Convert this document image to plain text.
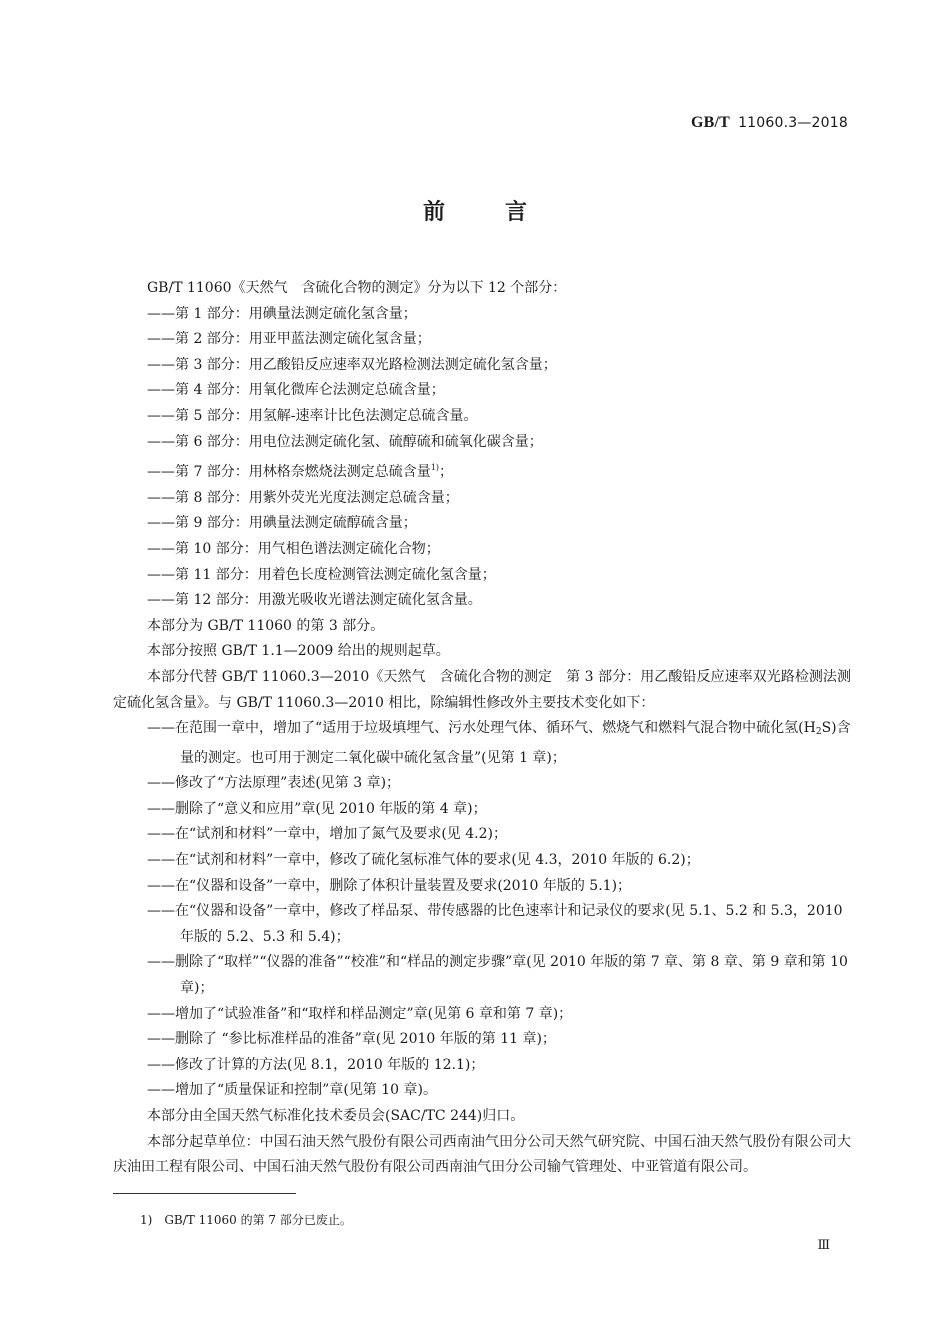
GB/T 11060.3—2018
前	言
GB/T 11060《天然气　含硫化合物的测定》分为以下 12 个部分：
——第 1 部分：用碘量法测定硫化氢含量；
——第 2 部分：用亚甲蓝法测定硫化氢含量；
——第 3 部分：用乙酸铅反应速率双光路检测法测定硫化氢含量；
——第 4 部分：用氧化微库仑法测定总硫含量；
——第 5 部分：用氢解-速率计比色法测定总硫含量。
——第 6 部分：用电位法测定硫化氢、硫醇硫和硫氧化碳含量；
——第 7 部分：用林格奈燃烧法测定总硫含量$^{1)}$；
——第 8 部分：用紫外荧光光度法测定总硫含量；
——第 9 部分：用碘量法测定硫醇硫含量；
——第 10 部分：用气相色谱法测定硫化合物；
——第 11 部分：用着色长度检测管法测定硫化氢含量；
——第 12 部分：用激光吸收光谱法测定硫化氢含量。
本部分为 GB/T 11060 的第 3 部分。
本部分按照 GB/T 1.1—2009 给出的规则起草。
本部分代替 GB/T 11060.3—2010《天然气　含硫化合物的测定　第 3 部分：用乙酸铅反应速率双光路检测法测定硫化氢含量》。与 GB/T 11060.3—2010 相比，除编辑性修改外主要技术变化如下：
——在范围一章中，增加了“适用于垃圾填埋气、污水处理气体、循环气、燃烧气和燃料气混合物中硫化氢$(H_2S)$含量的测定。也可用于测定二氧化碳中硫化氢含量”(见第 1 章)；
——修改了“方法原理”表述(见第 3 章)；
——删除了“意义和应用”章(见 2010 年版的第 4 章)；
——在“试剂和材料”一章中，增加了氮气及要求(见 4.2)；
——在“试剂和材料”一章中，修改了硫化氢标准气体的要求(见 4.3，2010 年版的 6.2)；
——在“仪器和设备”一章中，删除了体积计量装置及要求(2010 年版的 5.1)；
——在“仪器和设备”一章中，修改了样品泵、带传感器的比色速率计和记录仪的要求(见 5.1、5.2 和 5.3，2010 年版的 5.2、5.3 和 5.4)；
——删除了“取样”“仪器的准备”“校准”和“样品的测定步骤”章(见 2010 年版的第 7 章、第 8 章、第 9 章和第 10 章)；
——增加了“试验准备”和“取样和样品测定”章(见第 6 章和第 7 章)；
——删除了 “参比标准样品的准备”章(见 2010 年版的第 11 章)；
——修改了计算的方法(见 8.1，2010 年版的 12.1)；
——增加了“质量保证和控制”章(见第 10 章)。
本部分由全国天然气标准化技术委员会(SAC/TC 244)归口。
本部分起草单位：中国石油天然气股份有限公司西南油气田分公司天然气研究院、中国石油天然气股份有限公司大庆油田工程有限公司、中国石油天然气股份有限公司西南油气田分公司输气管理处、中亚管道有限公司。
1) GB/T 11060 的第 7 部分已废止。
Ⅲ
